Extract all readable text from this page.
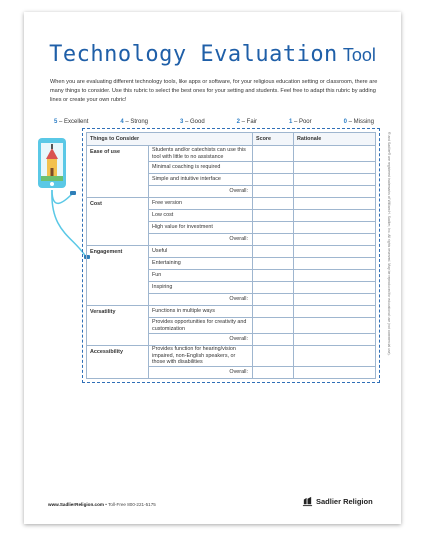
Technology Evaluation Tool
When you are evaluating different technology tools, like apps or software, for your religious education setting or classroom, there are many things to consider. Use this rubric to select the best ones for your setting and students. Feel free to adapt this rubric by adding lines or create your own rubric!
5 – Excellent	4 – Strong	3 – Good	2 – Fair	1 – Poor	0 – Missing
Things to Consider		Score	Rationale
Ease of use	Students and/or catechists can use this tool with little to no assistance		
	Minimal coaching is required		
	Simple and intuitive interface		
	Overall:		
Cost	Free version		
	Low cost		
	High value for investment		
	Overall:		
Engagement	Useful		
	Entertaining		
	Fun		
	Inspiring		
	Overall:		
Versatility	Functions in multiple ways		
	Provides opportunities for creativity and customization		
	Overall:		
Accessibility	Provides function for hearing/vision impaired, non-English speakers, or those with disabilities		
	Overall:		
® and Sadlier® are registered trademarks of William H. Sadlier, Inc. All rights reserved. May be reproduced for educational use (not commercial use).
www.SadlierReligion.com • Toll-Free 800-221-5175	Sadlier Religion
